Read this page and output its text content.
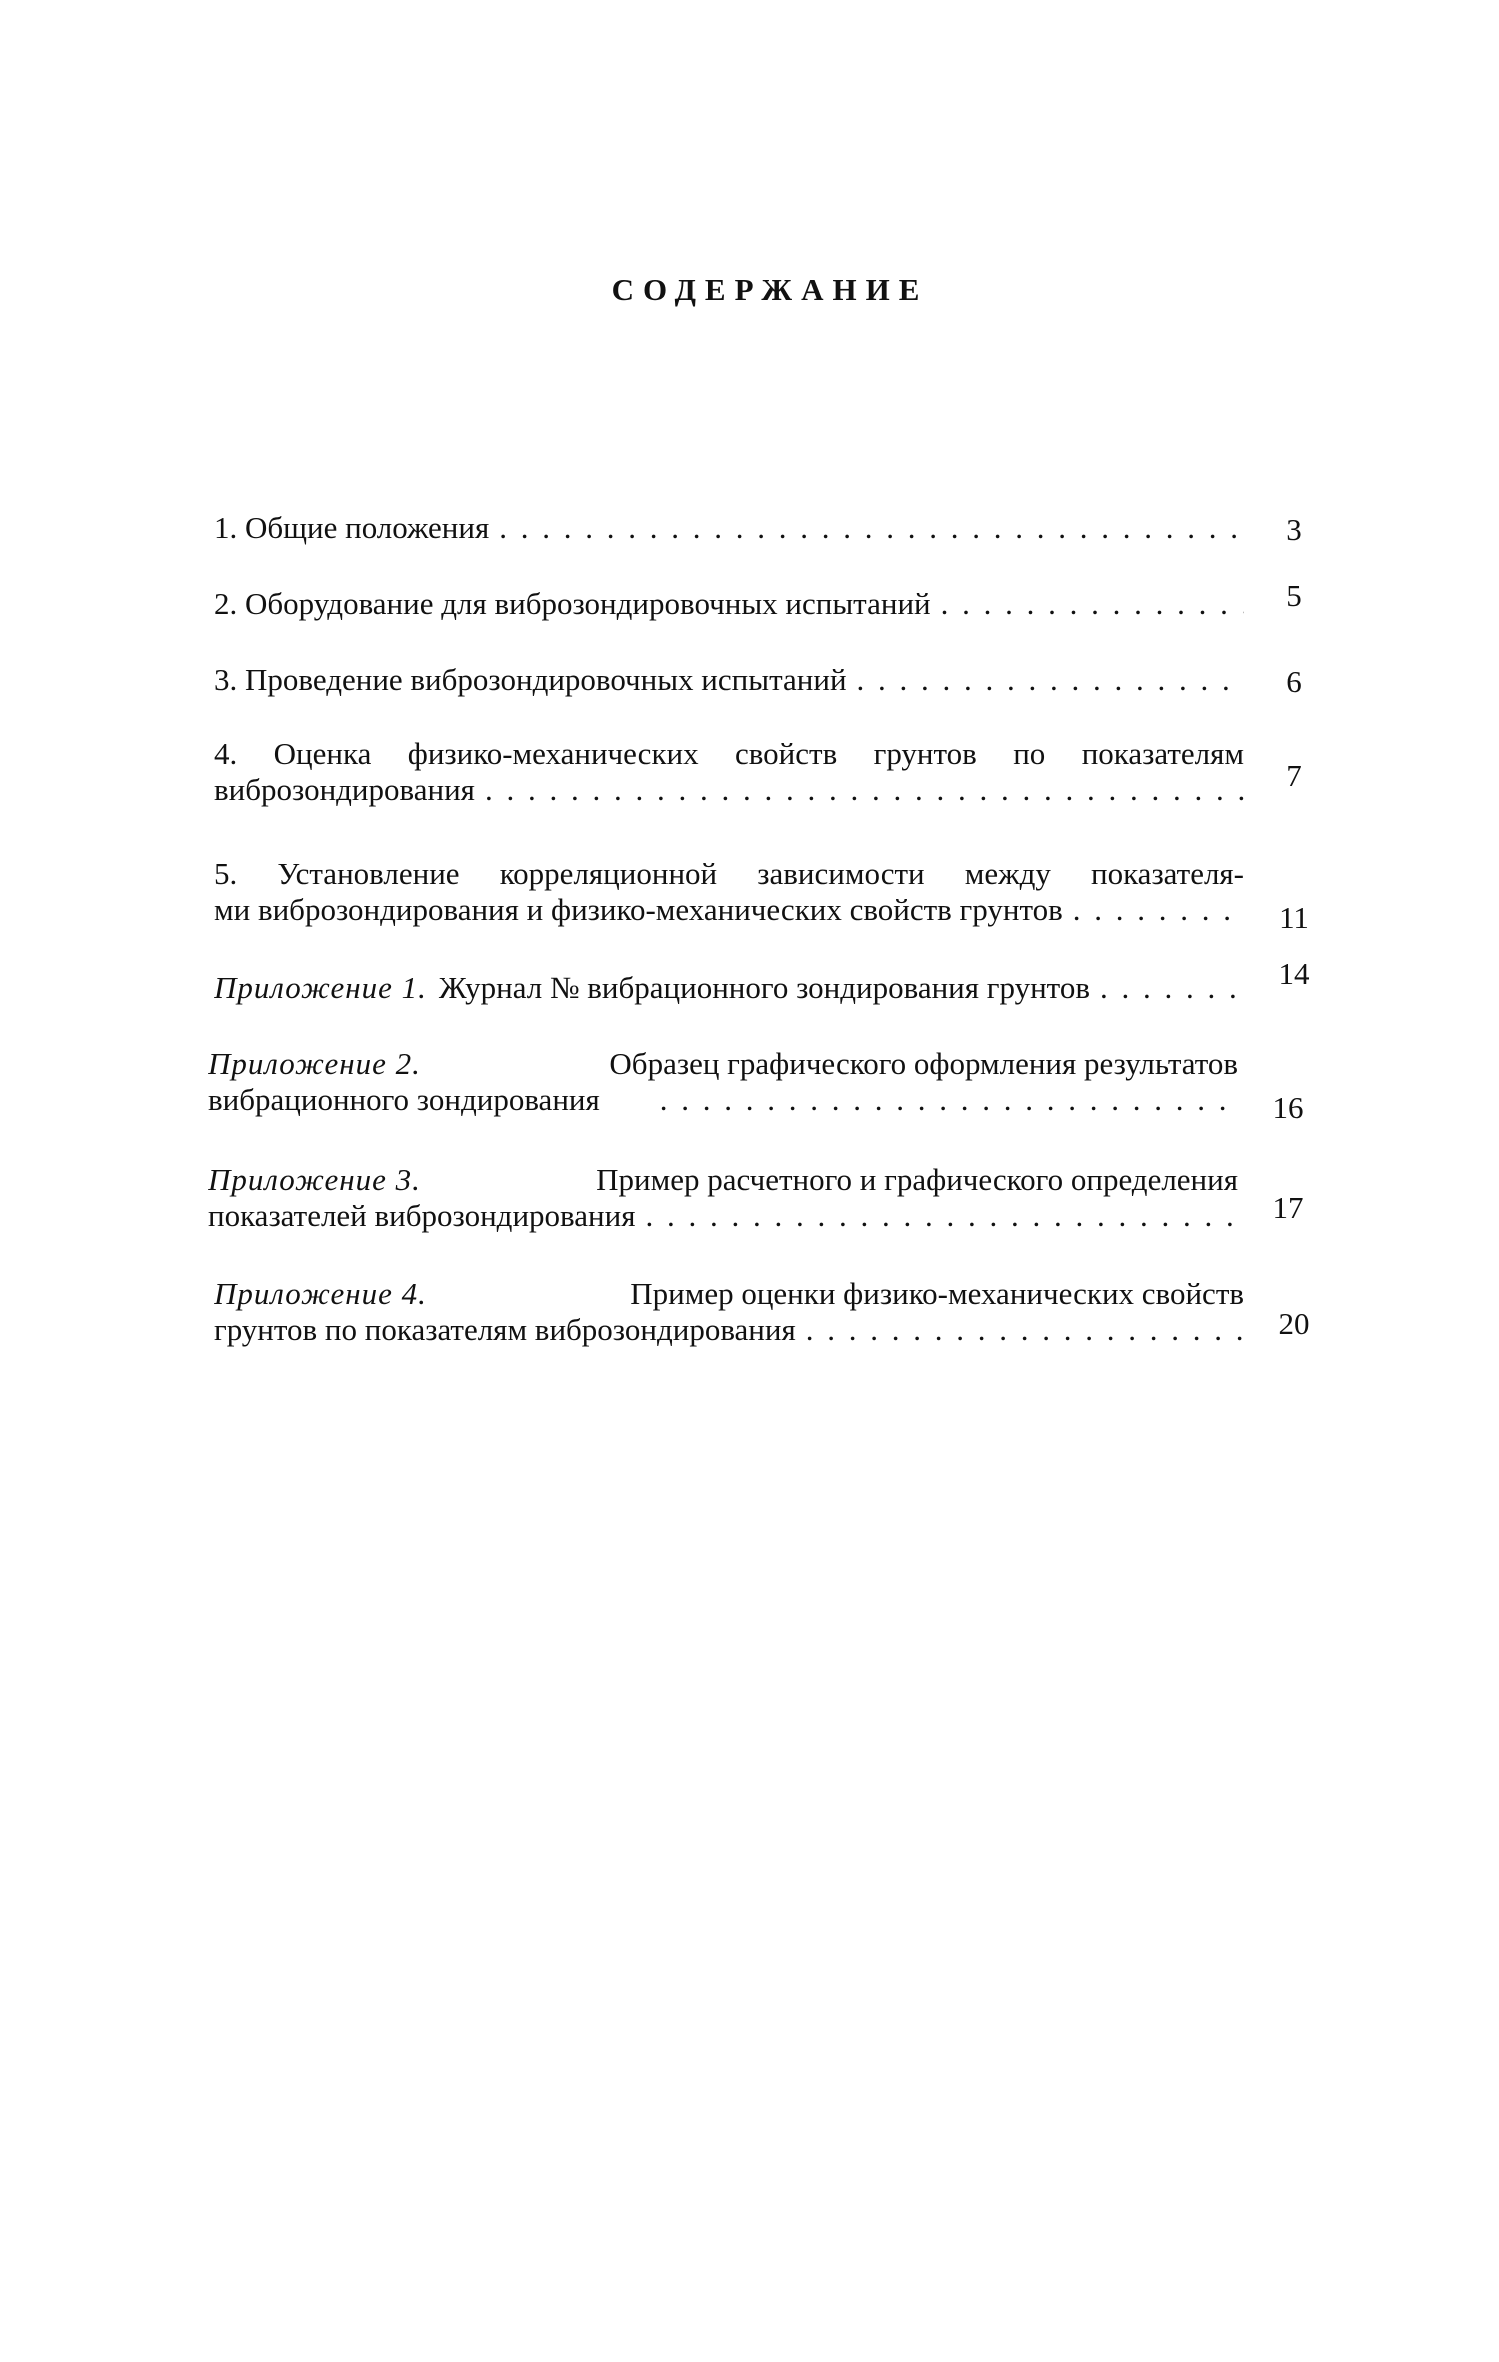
СОДЕРЖАНИЕ
1. Общие положения . . .	3
2. Оборудование для виброзондировочных испытаний . . .	5
3. Проведение виброзондировочных испытаний . . .	6
4. Оценка физико-механических свойств грунтов по показателям
виброзондирования . . .	7
5. Установление корреляционной зависимости между показателя-
ми виброзондирования и физико-механических свойств грунтов . . .	11
Приложение 1. Журнал № вибрационного зондирования грунтов . . .	14
Приложение 2.	Образец графического оформления результатов
вибрационного зондирования . . .	16
Приложение 3.	Пример расчетного и графического определения
показателей виброзондирования . . .	17
Приложение 4.	Пример оценки физико-механических свойств
грунтов по показателям виброзондирования . . .	20
